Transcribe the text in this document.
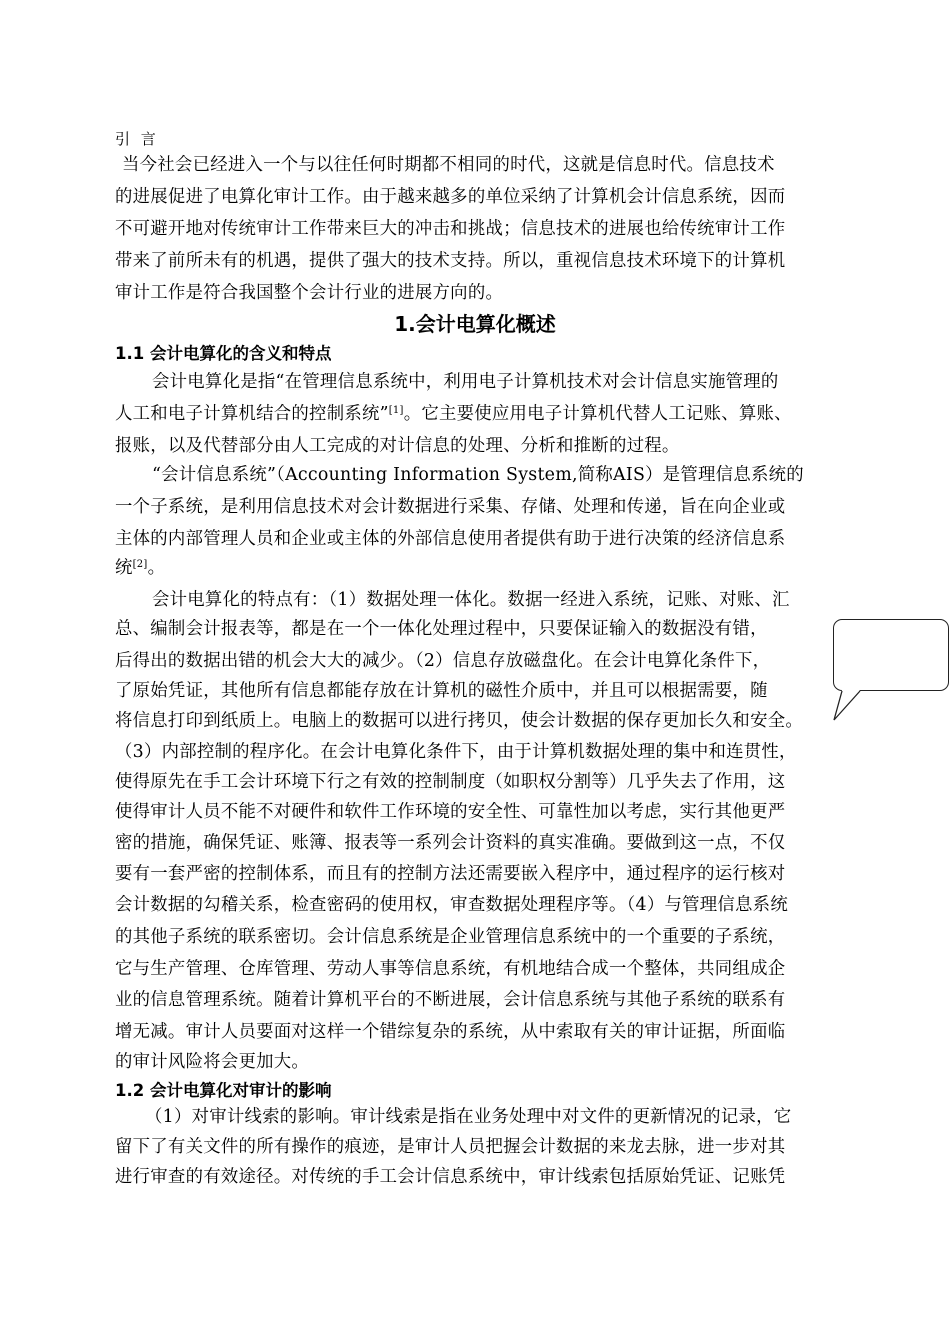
引 言
当今社会已经进入一个与以往任何时期都不相同的时代，这就是信息时代。信息技术
的进展促进了电算化审计工作。由于越来越多的单位采纳了计算机会计信息系统，因而
不可避开地对传统审计工作带来巨大的冲击和挑战；信息技术的进展也给传统审计工作
带来了前所未有的机遇，提供了强大的技术支持。所以，重视信息技术环境下的计算机
审计工作是符合我国整个会计行业的进展方向的。
1.会计电算化概述
1.1 会计电算化的含义和特点
会计电算化是指“在管理信息系统中，利用电子计算机技术对会计信息实施管理的
人工和电子计算机结合的控制系统”[1]。它主要使应用电子计算机代替人工记账、算账、
报账，以及代替部分由人工完成的对计信息的处理、分析和推断的过程。
“会计信息系统”（Accounting Information System,简称AIS）是管理信息系统的
一个子系统，是利用信息技术对会计数据进行采集、存储、处理和传递，旨在向企业或
主体的内部管理人员和企业或主体的外部信息使用者提供有助于进行决策的经济信息系
统[2]。
会计电算化的特点有：（1）数据处理一体化。数据一经进入系统，记账、对账、汇
总、编制会计报表等，都是在一个一体化处理过程中，只要保证输入的数据没有错，
后得出的数据出错的机会大大的减少。（2）信息存放磁盘化。在会计电算化条件下，
了原始凭证，其他所有信息都能存放在计算机的磁性介质中，并且可以根据需要，随
将信息打印到纸质上。电脑上的数据可以进行拷贝，使会计数据的保存更加长久和安全。
（3）内部控制的程序化。在会计电算化条件下，由于计算机数据处理的集中和连贯性，
使得原先在手工会计环境下行之有效的控制制度（如职权分割等）几乎失去了作用，这
使得审计人员不能不对硬件和软件工作环境的安全性、可靠性加以考虑，实行其他更严
密的措施，确保凭证、账簿、报表等一系列会计资料的真实准确。要做到这一点，不仅
要有一套严密的控制体系，而且有的控制方法还需要嵌入程序中，通过程序的运行核对
会计数据的勾稽关系，检查密码的使用权，审查数据处理程序等。（4）与管理信息系统
的其他子系统的联系密切。会计信息系统是企业管理信息系统中的一个重要的子系统，
它与生产管理、仓库管理、劳动人事等信息系统，有机地结合成一个整体，共同组成企
业的信息管理系统。随着计算机平台的不断进展，会计信息系统与其他子系统的联系有
增无减。审计人员要面对这样一个错综复杂的系统，从中索取有关的审计证据，所面临
的审计风险将会更加大。
1.2 会计电算化对审计的影响
（1）对审计线索的影响。审计线索是指在业务处理中对文件的更新情况的记录，它
留下了有关文件的所有操作的痕迹，是审计人员把握会计数据的来龙去脉，进一步对其
进行审查的有效途径。对传统的手工会计信息系统中，审计线索包括原始凭证、记账凭
